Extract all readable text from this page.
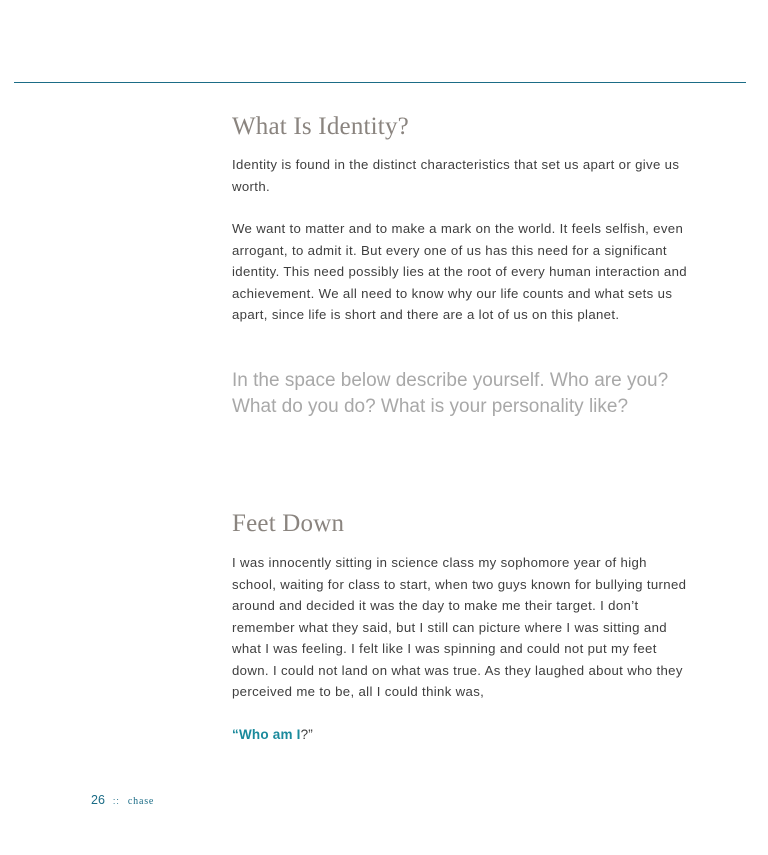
What Is Identity?

Identity is found in the distinct characteristics that set us apart or give us worth.

We want to matter and to make a mark on the world. It feels selfish, even arrogant, to admit it. But every one of us has this need for a significant identity. This need possibly lies at the root of every human interaction and achievement. We all need to know why our life counts and what sets us apart, since life is short and there are a lot of us on this planet.

In the space below describe yourself. Who are you? What do you do? What is your personality like?

Feet Down

I was innocently sitting in science class my sophomore year of high school, waiting for class to start, when two guys known for bullying turned around and decided it was the day to make me their target. I don’t remember what they said, but I still can picture where I was sitting and what I was feeling. I felt like I was spinning and could not put my feet down. I could not land on what was true. As they laughed about who they perceived me to be, all I could think was,

“Who am I?”

26 :: chase
